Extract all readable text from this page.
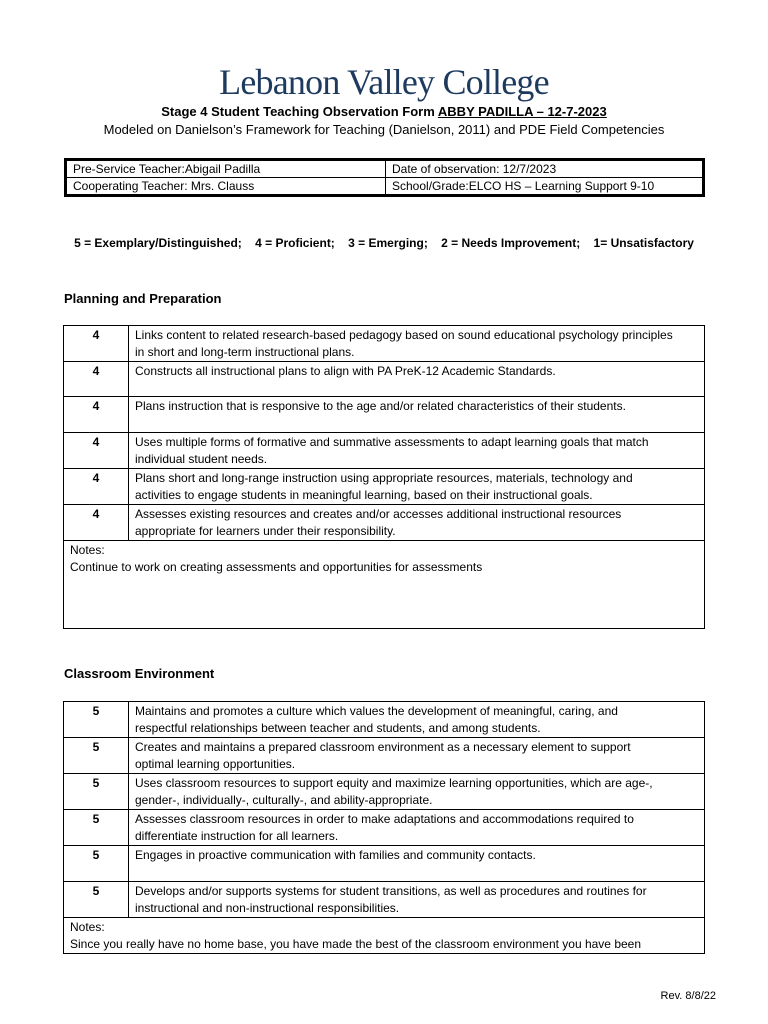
Lebanon Valley College
Stage 4 Student Teaching Observation Form ABBY PADILLA – 12-7-2023
Modeled on Danielson’s Framework for Teaching (Danielson, 2011) and PDE Field Competencies
Pre-Service Teacher:Abigail Padilla	Date of observation: 12/7/2023
Cooperating Teacher: Mrs. Clauss	School/Grade:ELCO HS – Learning Support 9-10
5 = Exemplary/Distinguished;    4 = Proficient;    3 = Emerging;    2 = Needs Improvement;    1= Unsatisfactory
Planning and Preparation
4	Links content to related research-based pedagogy based on sound educational psychology principles
in short and long-term instructional plans.

4	Constructs all instructional plans to align with PA PreK-12 Academic Standards.

4	Plans instruction that is responsive to the age and/or related characteristics of their students.

4	Uses multiple forms of formative and summative assessments to adapt learning goals that match
individual student needs.

4	Plans short and long-range instruction using appropriate resources, materials, technology and
activities to engage students in meaningful learning, based on their instructional goals.

4	Assesses existing resources and creates and/or accesses additional instructional resources
appropriate for learners under their responsibility.

Notes:
Continue to work on creating assessments and opportunities for assessments	
Classroom Environment
5	Maintains and promotes a culture which values the development of meaningful, caring, and
respectful relationships between teacher and students, and among students.

5	Creates and maintains a prepared classroom environment as a necessary element to support
optimal learning opportunities.

5	Uses classroom resources to support equity and maximize learning opportunities, which are age-,
gender-, individually-, culturally-, and ability-appropriate.

5	Assesses classroom resources in order to make adaptations and accommodations required to
differentiate instruction for all learners.

5	Engages in proactive communication with families and community contacts.

5	Develops and/or supports systems for student transitions, as well as procedures and routines for
instructional and non-instructional responsibilities.

Notes:
Since you really have no home base, you have made the best of the classroom environment you have been	
Rev. 8/8/22
